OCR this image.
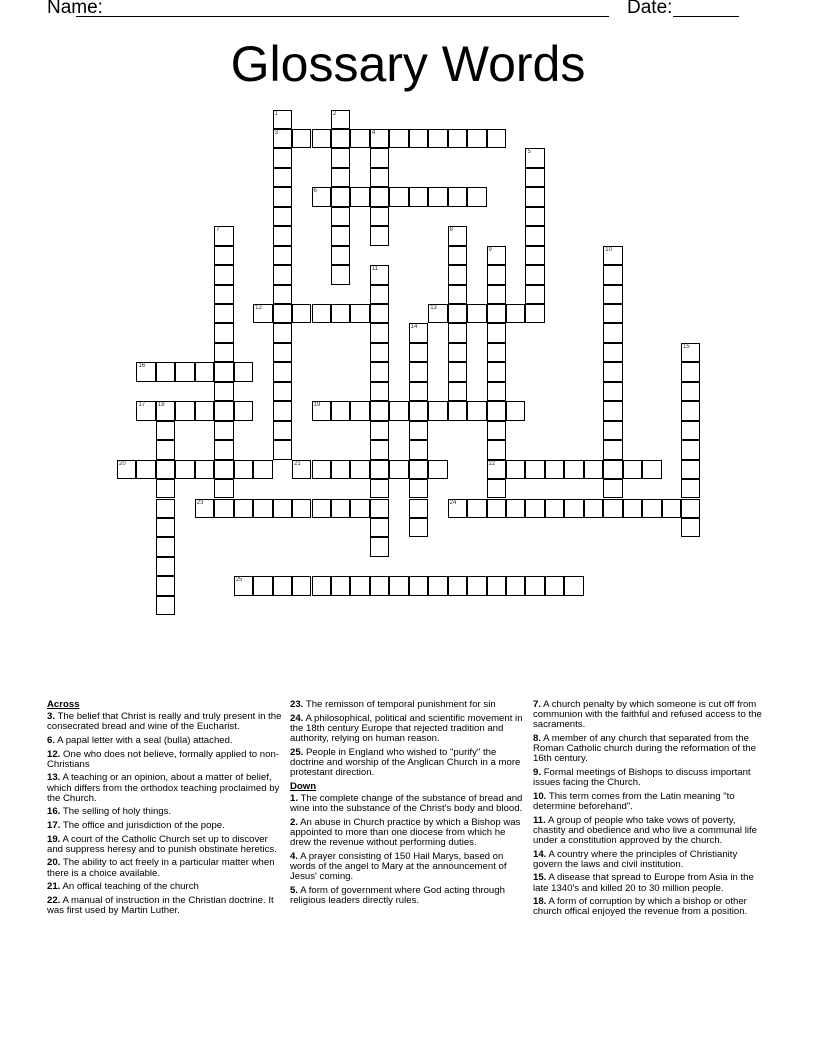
Name:	Date:
Glossary Words
3	4
6
12	13
16
17 18	19
20	21	22
23	24
25
1	2
5
7	8
9	10
11
14
15
Across
3. The belief that Christ is really and truly present in the consecrated bread and wine of the Eucharist.
6. A papal letter with a seal (bulla) attached.
12. One who does not believe, formally applied to non-Christians
13. A teaching or an opinion, about a matter of belief, which differs from the orthodox teaching proclaimed by the Church.
16. The selling of holy things.
17. The office and jurisdiction of the pope.
19. A court of the Catholic Church set up to discover and suppress heresy and to punish obstinate heretics.
20. The ability to act freely in a particular matter when there is a choice available.
21. An offical teaching of the church
22. A manual of instruction in the Christian doctrine. It was first used by Martin Luther.
23. The remisson of temporal punishment for sin
24. A philosophical, political and scientific movement in the 18th century Europe that rejected tradition and authority, relying on human reason.
25. People in England who wished to "purify" the doctrine and worship of the Anglican Church in a more protestant direction.
Down
1. The complete change of the substance of bread and wine into the substance of the Christ's body and blood.
2. An abuse in Church practice by which a Bishop was appointed to more than one diocese from which he drew the revenue without performing duties.
4. A prayer consisting of 150 Hail Marys, based on words of the angel to Mary at the announcement of Jesus' coming.
5. A form of government where God acting through religious leaders directly rules.
7. A church penalty by which someone is cut off from communion with the faithful and refused access to the sacraments.
8. A member of any church that separated from the Roman Catholic church during the reformation of the 16th century.
9. Formal meetings of Bishops to discuss important issues facing the Church.
10. This term comes from the Latin meaning "to determine beforehand".
11. A group of people who take vows of poverty, chastity and obedience and who live a communal life under a constitution approved by the church.
14. A country where the principles of Christianity govern the laws and civil institution.
15. A disease that spread to Europe from Asia in the late 1340's and killed 20 to 30 million people.
18. A form of corruption by which a bishop or other church offical enjoyed the revenue from a position.
